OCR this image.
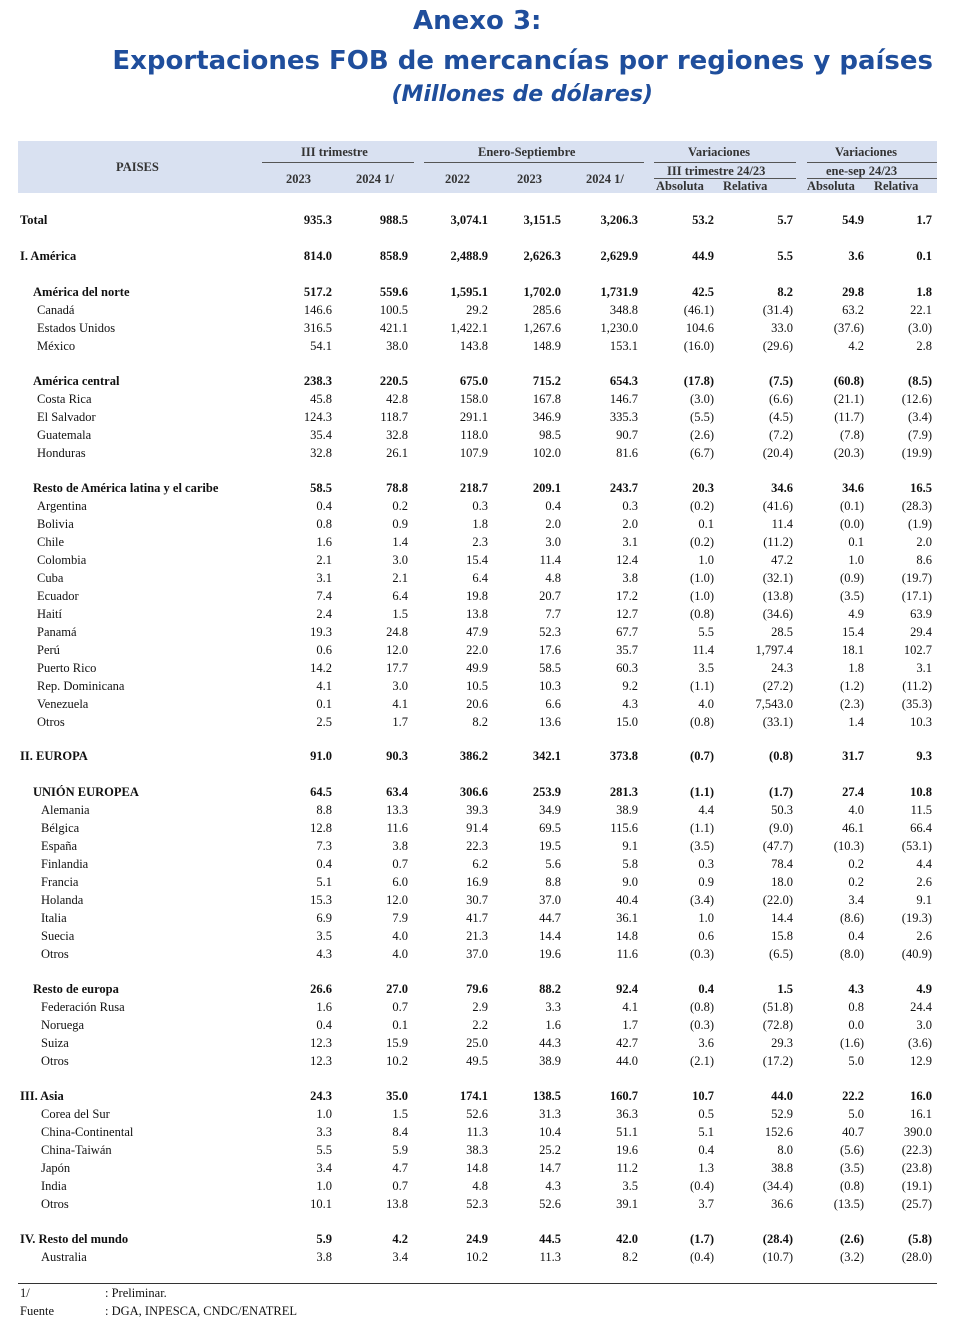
Anexo 3:
Exportaciones FOB de mercancías por regiones y países
(Millones de dólares)
PAISES
III trimestre	Enero-Septiembre	Variaciones
III trimestre 24/23
Variaciones
ene-sep 24/23
2023	2024 1/	2022	2023	2024 1/	Absoluta Relativa	Absoluta Relativa
Total	935.3	988.5	3,074.1	3,151.5	3,206.3	53.2	5.7	54.9	1.7
I. América	814.0	858.9	2,488.9	2,626.3	2,629.9	44.9	5.5	3.6	0.1
América del norte	517.2	559.6	1,595.1	1,702.0	1,731.9	42.5	8.2	29.8	1.8
Canadá	146.6	100.5	29.2	285.6	348.8	(46.1)	(31.4)	63.2	22.1
Estados Unidos	316.5	421.1	1,422.1	1,267.6	1,230.0	104.6	33.0	(37.6)	(3.0)
México	54.1	38.0	143.8	148.9	153.1	(16.0)	(29.6)	4.2	2.8
América central	238.3	220.5	675.0	715.2	654.3	(17.8)	(7.5)	(60.8)	(8.5)
Costa Rica	45.8	42.8	158.0	167.8	146.7	(3.0)	(6.6)	(21.1)	(12.6)
El Salvador	124.3	118.7	291.1	346.9	335.3	(5.5)	(4.5)	(11.7)	(3.4)
Guatemala	35.4	32.8	118.0	98.5	90.7	(2.6)	(7.2)	(7.8)	(7.9)
Honduras	32.8	26.1	107.9	102.0	81.6	(6.7)	(20.4)	(20.3)	(19.9)
Resto de América latina y el caribe	58.5	78.8	218.7	209.1	243.7	20.3	34.6	34.6	16.5
Argentina	0.4	0.2	0.3	0.4	0.3	(0.2)	(41.6)	(0.1)	(28.3)
Bolivia	0.8	0.9	1.8	2.0	2.0	0.1	11.4	(0.0)	(1.9)
Chile	1.6	1.4	2.3	3.0	3.1	(0.2)	(11.2)	0.1	2.0
Colombia	2.1	3.0	15.4	11.4	12.4	1.0	47.2	1.0	8.6
Cuba	3.1	2.1	6.4	4.8	3.8	(1.0)	(32.1)	(0.9)	(19.7)
Ecuador	7.4	6.4	19.8	20.7	17.2	(1.0)	(13.8)	(3.5)	(17.1)
Haití	2.4	1.5	13.8	7.7	12.7	(0.8)	(34.6)	4.9	63.9
Panamá	19.3	24.8	47.9	52.3	67.7	5.5	28.5	15.4	29.4
Perú	0.6	12.0	22.0	17.6	35.7	11.4	1,797.4	18.1	102.7
Puerto Rico	14.2	17.7	49.9	58.5	60.3	3.5	24.3	1.8	3.1
Rep. Dominicana	4.1	3.0	10.5	10.3	9.2	(1.1)	(27.2)	(1.2)	(11.2)
Venezuela	0.1	4.1	20.6	6.6	4.3	4.0	7,543.0	(2.3)	(35.3)
Otros	2.5	1.7	8.2	13.6	15.0	(0.8)	(33.1)	1.4	10.3
II. EUROPA	91.0	90.3	386.2	342.1	373.8	(0.7)	(0.8)	31.7	9.3
UNIÓN EUROPEA	64.5	63.4	306.6	253.9	281.3	(1.1)	(1.7)	27.4	10.8
Alemania	8.8	13.3	39.3	34.9	38.9	4.4	50.3	4.0	11.5
Bélgica	12.8	11.6	91.4	69.5	115.6	(1.1)	(9.0)	46.1	66.4
España	7.3	3.8	22.3	19.5	9.1	(3.5)	(47.7)	(10.3)	(53.1)
Finlandia	0.4	0.7	6.2	5.6	5.8	0.3	78.4	0.2	4.4
Francia	5.1	6.0	16.9	8.8	9.0	0.9	18.0	0.2	2.6
Holanda	15.3	12.0	30.7	37.0	40.4	(3.4)	(22.0)	3.4	9.1
Italia	6.9	7.9	41.7	44.7	36.1	1.0	14.4	(8.6)	(19.3)
Suecia	3.5	4.0	21.3	14.4	14.8	0.6	15.8	0.4	2.6
Otros	4.3	4.0	37.0	19.6	11.6	(0.3)	(6.5)	(8.0)	(40.9)
Resto de europa	26.6	27.0	79.6	88.2	92.4	0.4	1.5	4.3	4.9
Federación Rusa	1.6	0.7	2.9	3.3	4.1	(0.8)	(51.8)	0.8	24.4
Noruega	0.4	0.1	2.2	1.6	1.7	(0.3)	(72.8)	0.0	3.0
Suiza	12.3	15.9	25.0	44.3	42.7	3.6	29.3	(1.6)	(3.6)
Otros	12.3	10.2	49.5	38.9	44.0	(2.1)	(17.2)	5.0	12.9
III. Asia	24.3	35.0	174.1	138.5	160.7	10.7	44.0	22.2	16.0
Corea del Sur	1.0	1.5	52.6	31.3	36.3	0.5	52.9	5.0	16.1
China-Continental	3.3	8.4	11.3	10.4	51.1	5.1	152.6	40.7	390.0
China-Taiwán	5.5	5.9	38.3	25.2	19.6	0.4	8.0	(5.6)	(22.3)
Japón	3.4	4.7	14.8	14.7	11.2	1.3	38.8	(3.5)	(23.8)
India	1.0	0.7	4.8	4.3	3.5	(0.4)	(34.4)	(0.8)	(19.1)
Otros	10.1	13.8	52.3	52.6	39.1	3.7	36.6	(13.5)	(25.7)
IV. Resto del mundo	5.9	4.2	24.9	44.5	42.0	(1.7)	(28.4)	(2.6)	(5.8)
Australia	3.8	3.4	10.2	11.3	8.2	(0.4)	(10.7)	(3.2)	(28.0)
1/	: Preliminar.
Fuente	: DGA, INPESCA, CNDC/ENATREL
